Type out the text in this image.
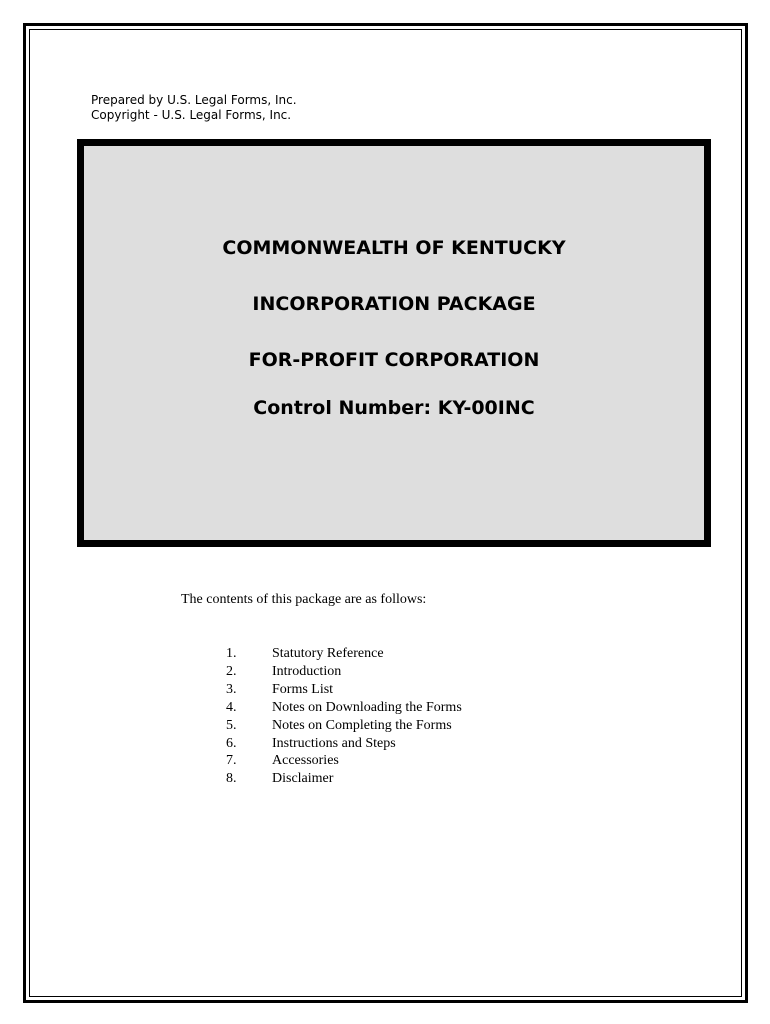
Prepared by U.S. Legal Forms, Inc.
Copyright - U.S. Legal Forms, Inc.
COMMONWEALTH OF KENTUCKY
INCORPORATION PACKAGE
FOR-PROFIT CORPORATION
Control Number: KY-00INC
The contents of this package are as follows:
1.	Statutory Reference
2.	Introduction
3.	Forms List
4.	Notes on Downloading the Forms
5.	Notes on Completing the Forms
6.	Instructions and Steps
7.	Accessories
8.	Disclaimer
